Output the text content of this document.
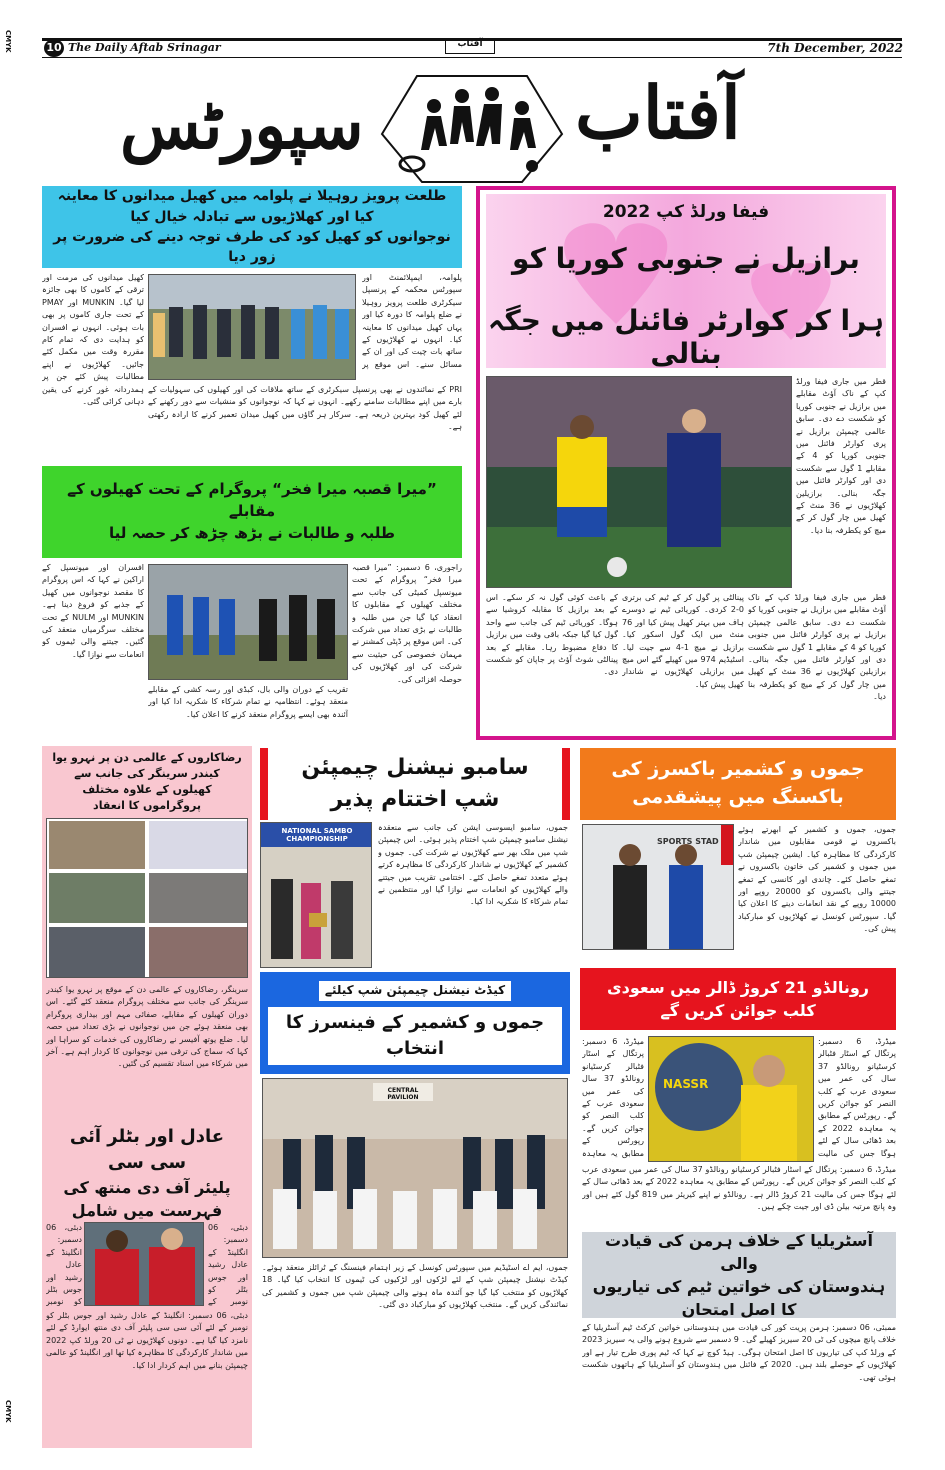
10 The Daily Aftab Srinagar	آفتاب	7th December, 2022
CMYK
CMYK
آفتاب
سپورٹس
طلعت پرویز روہیلا نے پلوامہ میں کھیل میدانوں کا معاینہ کیا اور کھلاڑیوں سے تبادلہ خیال کیا
نوجوانوں کو کھیل کود کی طرف توجہ دینے کی ضرورت پر زور دیا
پلوامہ، ایمپلائمنٹ اور سپورٹس محکمہ کے پرنسپل سیکرٹری طلعت پرویز روہیلا نے ضلع پلوامہ کا دورہ کیا اور یہاں کھیل میدانوں کا معاینہ کیا۔ انہوں نے کھلاڑیوں کے ساتھ بات چیت کی اور ان کے مسائل سنے۔ اس موقع پر
کھیل میدانوں کی مرمت اور ترقی کے کاموں کا بھی جائزہ لیا گیا۔ MUNKIN اور PMAY کے تحت جاری کاموں پر بھی بات ہوئی۔ انہوں نے افسران کو ہدایت دی کہ تمام کام مقررہ وقت میں مکمل کئے جائیں۔ کھلاڑیوں نے اپنے مطالبات پیش کئے جن پر ہمدردانہ غور کرنے کی یقین دہانی کرائی گئی۔
PRI کے نمائندوں نے بھی پرنسپل سیکرٹری کے ساتھ ملاقات کی اور کھیلوں کی سہولیات کے بارے میں اپنے مطالبات سامنے رکھے۔ انہوں نے کہا کہ نوجوانوں کو منشیات سے دور رکھنے کے لئے کھیل کود بہترین ذریعہ ہے۔ سرکار ہر گاؤں میں کھیل میدان تعمیر کرنے کا ارادہ رکھتی ہے۔
”میرا قصبہ میرا فخر“ پروگرام کے تحت کھیلوں کے مقابلے
طلبہ و طالبات نے بڑھ چڑھ کر حصہ لیا
راجوری، 6 دسمبر: ”میرا قصبہ میرا فخر“ پروگرام کے تحت میونسپل کمیٹی کی جانب سے مختلف کھیلوں کے مقابلوں کا انعقاد کیا گیا جن میں طلبہ و طالبات نے بڑی تعداد میں شرکت کی۔ اس موقع پر ڈپٹی کمشنر نے مہمان خصوصی کی حیثیت سے شرکت کی اور کھلاڑیوں کی حوصلہ افزائی کی۔
افسران اور میونسپل کے اراکین نے کہا کہ اس پروگرام کا مقصد نوجوانوں میں کھیل کے جذبے کو فروغ دینا ہے۔ MUNKIN اور NULM کے تحت مختلف سرگرمیاں منعقد کی گئیں۔ جیتنے والی ٹیموں کو انعامات سے نوازا گیا۔
تقریب کے دوران والی بال، کبڈی اور رسہ کشی کے مقابلے منعقد ہوئے۔ انتظامیہ نے تمام شرکاء کا شکریہ ادا کیا اور آئندہ بھی ایسے پروگرام منعقد کرنے کا اعلان کیا۔
فیفا ورلڈ کپ 2022
برازیل نے جنوبی کوریا کو
ہرا کر کوارٹر فائنل میں جگہ بنالی
قطر میں جاری فیفا ورلڈ کپ کے ناک آؤٹ مقابلے میں برازیل نے جنوبی کوریا کو شکست دے دی۔ سابق عالمی چیمپئن برازیل نے پری کوارٹر فائنل میں جنوبی کوریا کو 4 کے مقابلے 1 گول سے شکست دی اور کوارٹر فائنل میں جگہ بنالی۔ برازیلین کھلاڑیوں نے 36 منٹ کے کھیل میں چار گول کر کے میچ کو یکطرفہ بنا دیا۔
پینالٹی پر گول کر کے ٹیم کی برتری 0-2 کردی۔ کوریائی ٹیم نے دوسرے ہاف میں بہتر کھیل پیش کیا اور 76 منٹ میں ایک گول اسکور کیا۔ برازیل نے میچ 1-4 سے جیت لیا۔ اسٹیڈیم 974 میں کھیلے گئے اس میچ میں برازیلی کھلاڑیوں نے شاندار کھیل پیش کیا۔
کے باعث کوئی گول نہ کر سکے۔ اس کے بعد برازیل کا مقابلہ کروشیا سے ہوگا۔ کوریائی ٹیم کی جانب سے واحد گول کیا گیا جبکہ باقی وقت میں برازیل کا دفاع مضبوط رہا۔ مقابلے کے بعد پینالٹی شوٹ آؤٹ پر جاپان کو شکست دی۔
قطر میں جاری فیفا ورلڈ کپ کے ناک آؤٹ مقابلے میں برازیل نے جنوبی کوریا کو شکست دے دی۔ سابق عالمی چیمپئن برازیل نے پری کوارٹر فائنل میں جنوبی کوریا کو 4 کے مقابلے 1 گول سے شکست دی اور کوارٹر فائنل میں جگہ بنالی۔ برازیلین کھلاڑیوں نے 36 منٹ کے کھیل میں چار گول کر کے میچ کو یکطرفہ بنا دیا۔
رضاکاروں کے عالمی دن پر نہرو یوا کیندر سرینگر کی جانب سے
کھیلوں کے علاوہ مختلف پروگراموں کا انعقاد
سرینگر، رضاکاروں کے عالمی دن کے موقع پر نہرو یوا کیندر سرینگر کی جانب سے مختلف پروگرام منعقد کئے گئے۔ اس دوران کھیلوں کے مقابلے، صفائی مہم اور بیداری پروگرام بھی منعقد ہوئے جن میں نوجوانوں نے بڑی تعداد میں حصہ لیا۔ ضلع یوتھ آفیسر نے رضاکاروں کی خدمات کو سراہا اور کہا کہ سماج کی ترقی میں نوجوانوں کا کردار اہم ہے۔ آخر میں شرکاء میں اسناد تقسیم کی گئیں۔
عادل اور بٹلر آئی سی سی
پلیئر آف دی منتھ کی فہرست میں شامل
دبئی، 06 دسمبر: انگلینڈ کے عادل رشید اور جوس بٹلر کو نومبر کے
دبئی، 06 دسمبر: انگلینڈ کے عادل رشید اور جوس بٹلر کو نومبر
دبئی، 06 دسمبر: انگلینڈ کے عادل رشید اور جوس بٹلر کو نومبر کے لئے آئی سی سی پلیئر آف دی منتھ ایوارڈ کے لئے نامزد کیا گیا ہے۔ دونوں کھلاڑیوں نے ٹی 20 ورلڈ کپ 2022 میں شاندار کارکردگی کا مظاہرہ کیا تھا اور انگلینڈ کو عالمی چیمپئن بنانے میں اہم کردار ادا کیا۔
سامبو نیشنل چیمپئن شپ اختتام پذیر
NATIONAL SAMBO CHAMPIONSHIP
جموں، سامبو ایسوسی ایشن کی جانب سے منعقدہ نیشنل سامبو چیمپئن شپ اختتام پذیر ہوئی۔ اس چیمپئن شپ میں ملک بھر سے کھلاڑیوں نے شرکت کی۔ جموں و کشمیر کے کھلاڑیوں نے شاندار کارکردگی کا مظاہرہ کرتے ہوئے متعدد تمغے حاصل کئے۔ اختتامی تقریب میں جیتنے والے کھلاڑیوں کو انعامات سے نوازا گیا اور منتظمین نے تمام شرکاء کا شکریہ ادا کیا۔
جموں و کشمیر باکسرز کی باکسنگ میں پیشقدمی
SPORTS STAD
جموں، جموں و کشمیر کے ابھرتے ہوئے باکسروں نے قومی مقابلوں میں شاندار کارکردگی کا مظاہرہ کیا۔ ایشین چیمپئن شپ میں جموں و کشمیر کی خاتون باکسروں نے تمغے حاصل کئے۔ چاندی اور کانسی کے تمغے جیتنے والی باکسروں کو 20000 روپے اور 10000 روپے کے نقد انعامات دینے کا اعلان کیا گیا۔ سپورٹس کونسل نے کھلاڑیوں کو مبارکباد پیش کی۔
کیڈٹ نیشنل چیمپئن شپ کیلئے
جموں و کشمیر کے فینسرز کا انتخاب
CENTRAL PAVILION
جموں، ایم اے اسٹیڈیم میں سپورٹس کونسل کے زیر اہتمام فینسنگ کے ٹرائلز منعقد ہوئے۔ کیڈٹ نیشنل چیمپئن شپ کے لئے لڑکوں اور لڑکیوں کی ٹیموں کا انتخاب کیا گیا۔ 18 کھلاڑیوں کو منتخب کیا گیا جو آئندہ ماہ ہونے والی چیمپئن شپ میں جموں و کشمیر کی نمائندگی کریں گے۔ منتخب کھلاڑیوں کو مبارکباد دی گئی۔
رونالڈو 21 کروڑ ڈالر میں سعودی کلب جوائن کریں گے
NASSR
میڈرڈ، 6 دسمبر: پرتگال کے اسٹار فٹبالر کرسٹیانو رونالڈو 37 سال کی عمر میں سعودی عرب کے کلب النصر کو جوائن کریں گے۔ رپورٹس کے مطابق یہ معاہدہ 2022 کے بعد ڈھائی سال کے لئے ہوگا جس کی مالیت
میڈرڈ، 6 دسمبر: پرتگال کے اسٹار فٹبالر کرسٹیانو رونالڈو 37 سال کی عمر میں سعودی عرب کے کلب النصر کو جوائن کریں گے۔ رپورٹس کے مطابق یہ معاہدہ
میڈرڈ، 6 دسمبر: پرتگال کے اسٹار فٹبالر کرسٹیانو رونالڈو 37 سال کی عمر میں سعودی عرب کے کلب النصر کو جوائن کریں گے۔ رپورٹس کے مطابق یہ معاہدہ 2022 کے بعد ڈھائی سال کے لئے ہوگا جس کی مالیت 21 کروڑ ڈالر ہے۔ رونالڈو نے اپنے کیریئر میں 819 گول کئے ہیں اور وہ پانچ مرتبہ بیلن ڈی اور جیت چکے ہیں۔
آسٹریلیا کے خلاف ہرمن کی قیادت والی
ہندوستان کی خواتین ٹیم کی تیاریوں کا اصل امتحان
ممبئی، 06 دسمبر: ہرمن پریت کور کی قیادت میں ہندوستانی خواتین کرکٹ ٹیم آسٹریلیا کے خلاف پانچ میچوں کی ٹی 20 سیریز کھیلے گی۔ 9 دسمبر سے شروع ہونے والی یہ سیریز 2023 کے ورلڈ کپ کی تیاریوں کا اصل امتحان ہوگی۔ ہیڈ کوچ نے کہا کہ ٹیم پوری طرح تیار ہے اور کھلاڑیوں کے حوصلے بلند ہیں۔ 2020 کے فائنل میں ہندوستان کو آسٹریلیا کے ہاتھوں شکست ہوئی تھی۔
